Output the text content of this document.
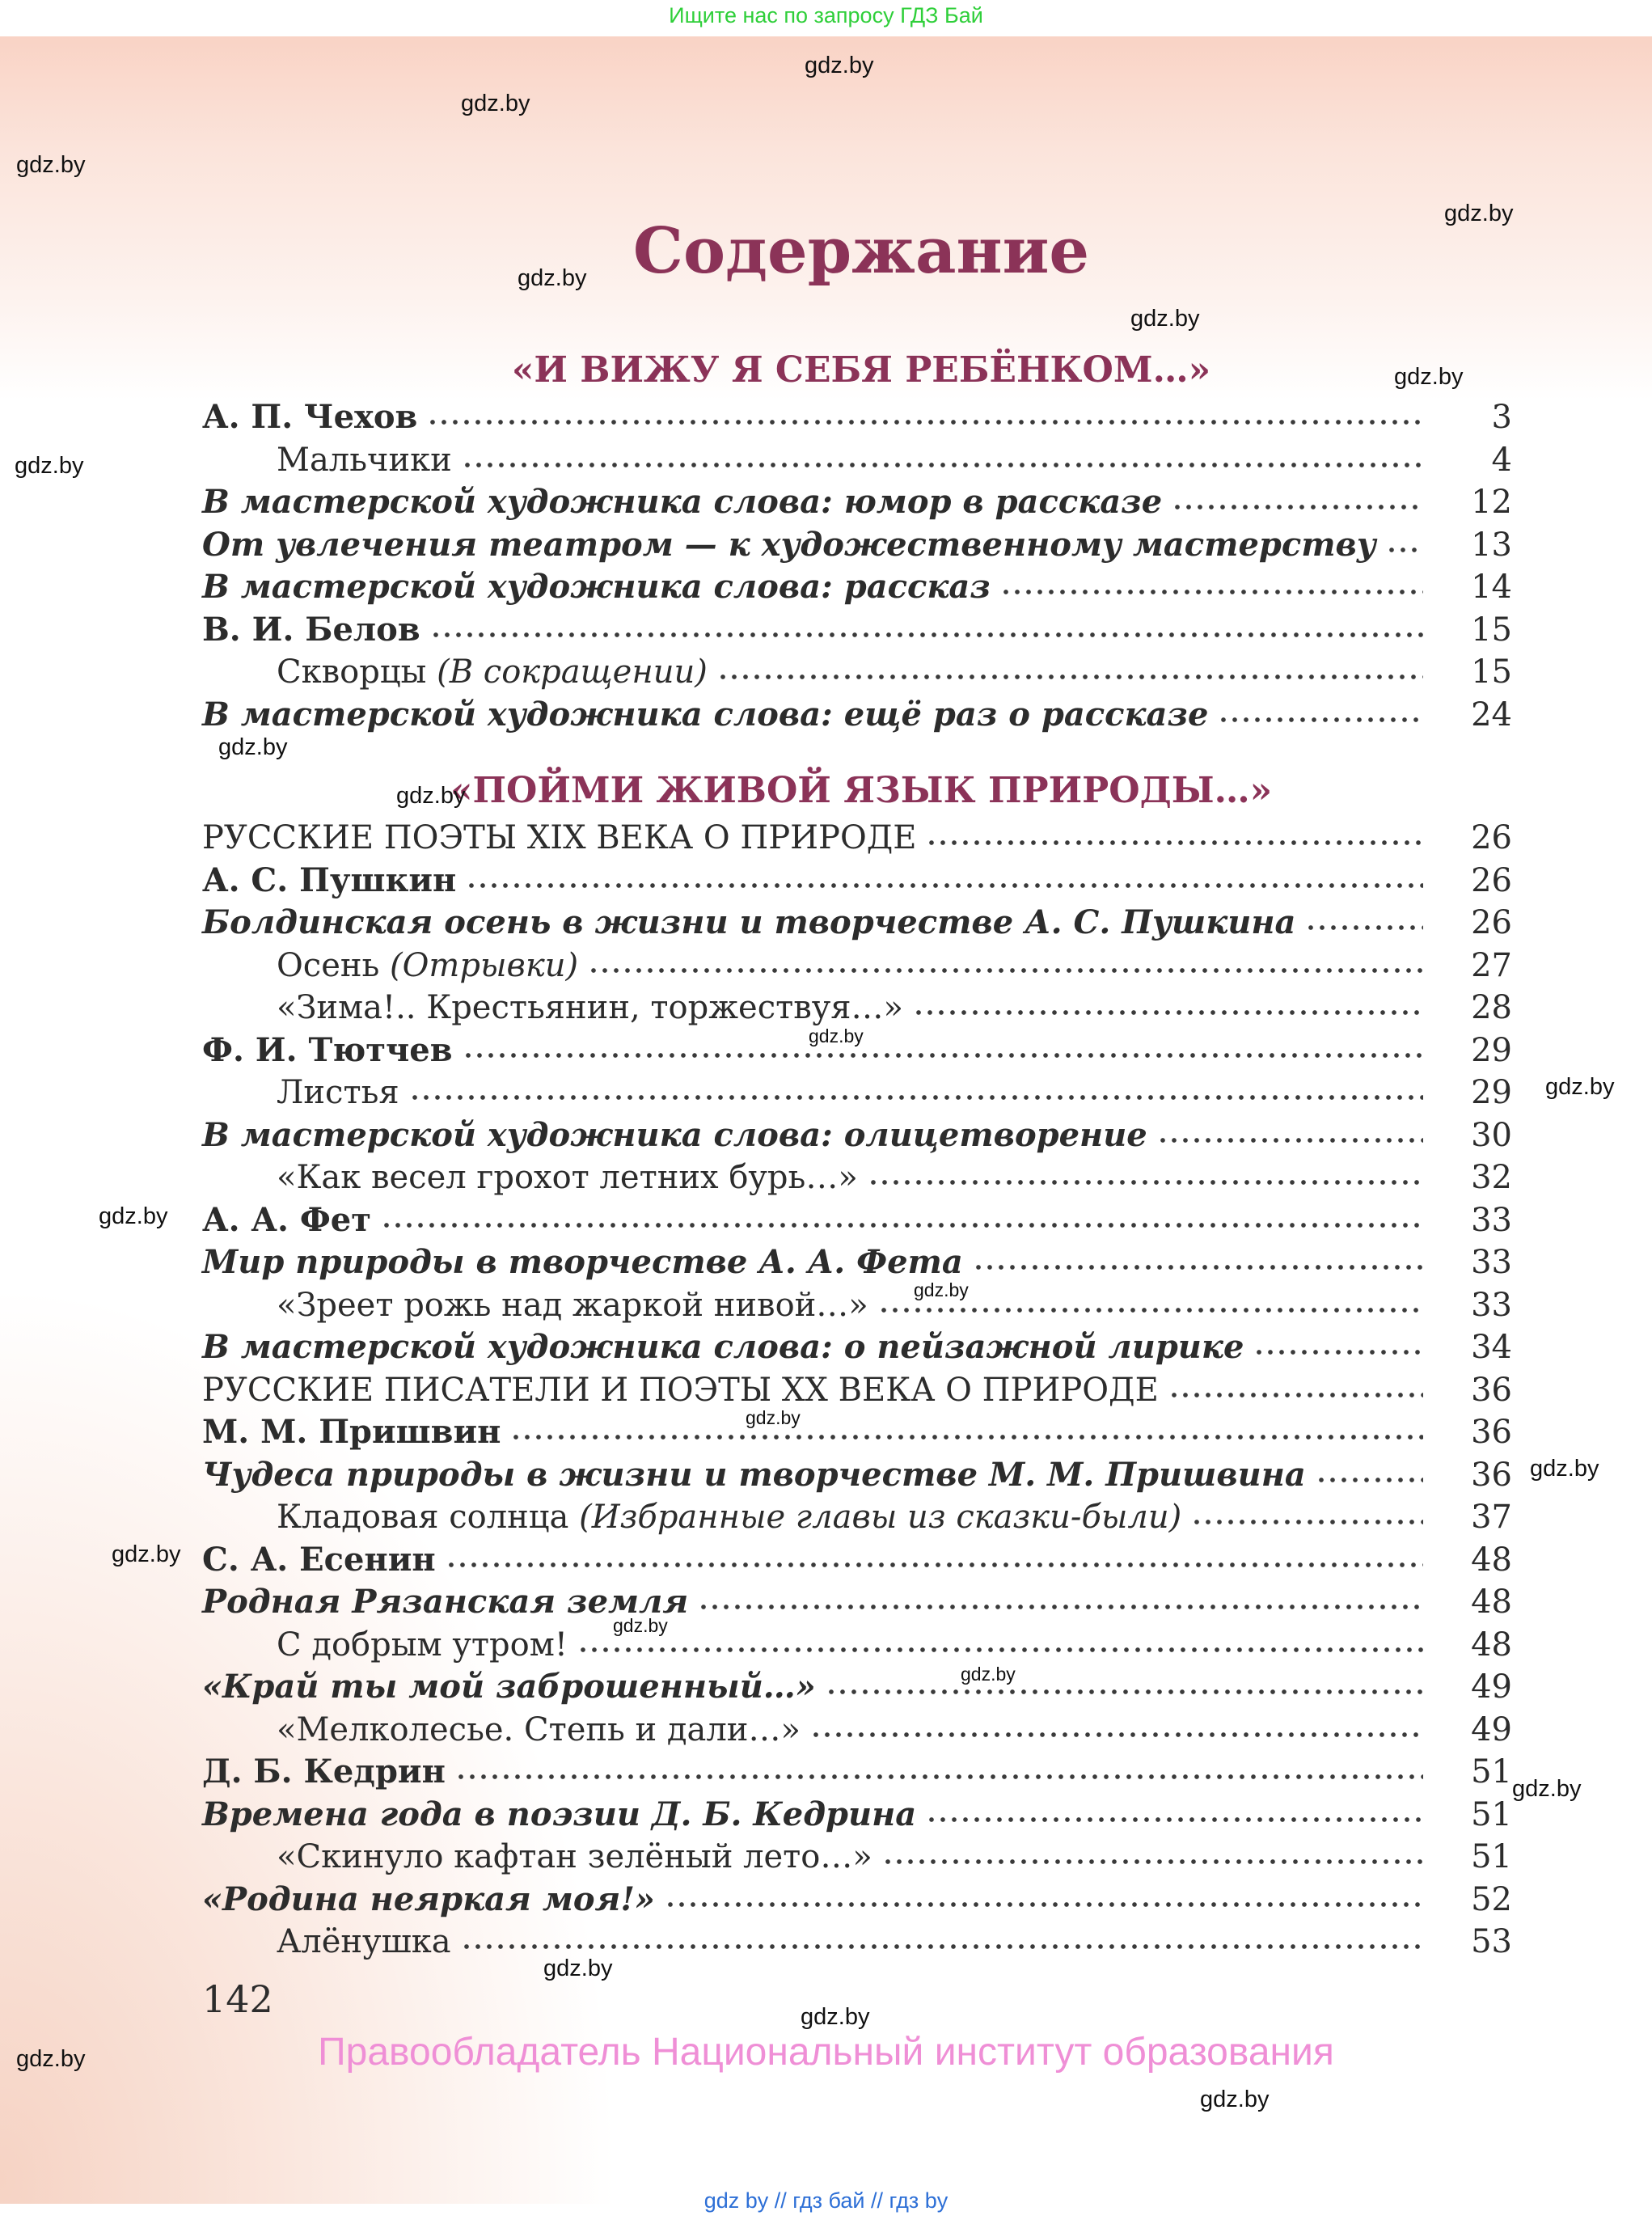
Ищите нас по запросу ГДЗ Бай
Содержание
«И ВИЖУ Я СЕБЯ РЕБЁНКОМ…»
А. П. Чехов	3
Мальчики	4
В мастерской художника слова: юмор в рассказе	12
От увлечения театром — к художественному мастерству	13
В мастерской художника слова: рассказ	14
В. И. Белов	15
Скворцы (В сокращении)	15
В мастерской художника слова: ещё раз о рассказе	24
«ПОЙМИ ЖИВОЙ ЯЗЫК ПРИРОДЫ…»
РУССКИЕ ПОЭТЫ XIX ВЕКА О ПРИРОДЕ	26
А. С. Пушкин	26
Болдинская осень в жизни и творчестве А. С. Пушкина	26
Осень (Отрывки)	27
«Зима!.. Крестьянин, торжествуя…»	28
Ф. И. Тютчев	29
Листья	29
В мастерской художника слова: олицетворение	30
«Как весел грохот летних бурь…»	32
А. А. Фет	33
Мир природы в творчестве А. А. Фета	33
«Зреет рожь над жаркой нивой…»	33
В мастерской художника слова: о пейзажной лирике	34
РУССКИЕ ПИСАТЕЛИ И ПОЭТЫ XX ВЕКА О ПРИРОДЕ	36
М. М. Пришвин	36
Чудеса природы в жизни и творчестве М. М. Пришвина	36
Кладовая солнца (Избранные главы из сказки-были)	37
С. А. Есенин	48
Родная Рязанская земля	48
С добрым утром!	48
«Край ты мой заброшенный…»	49
«Мелколесье. Степь и дали…»	49
Д. Б. Кедрин	51
Времена года в поэзии Д. Б. Кедрина	51
«Скинуло кафтан зелёный лето…»	51
«Родина неяркая моя!»	52
Алёнушка	53
142
Правообладатель Национальный институт образования
gdz.by
gdz.by
gdz.by
gdz.by
gdz.by
gdz.by
gdz.by
gdz.by
gdz.by
gdz.by
gdz.by
gdz.by
gdz.by
gdz.by
gdz.by
gdz.by
gdz.by
gdz.by
gdz.by
gdz.by
gdz.by
gdz.by
gdz.by
gdz.by
gdz by // гдз бай // гдз by
